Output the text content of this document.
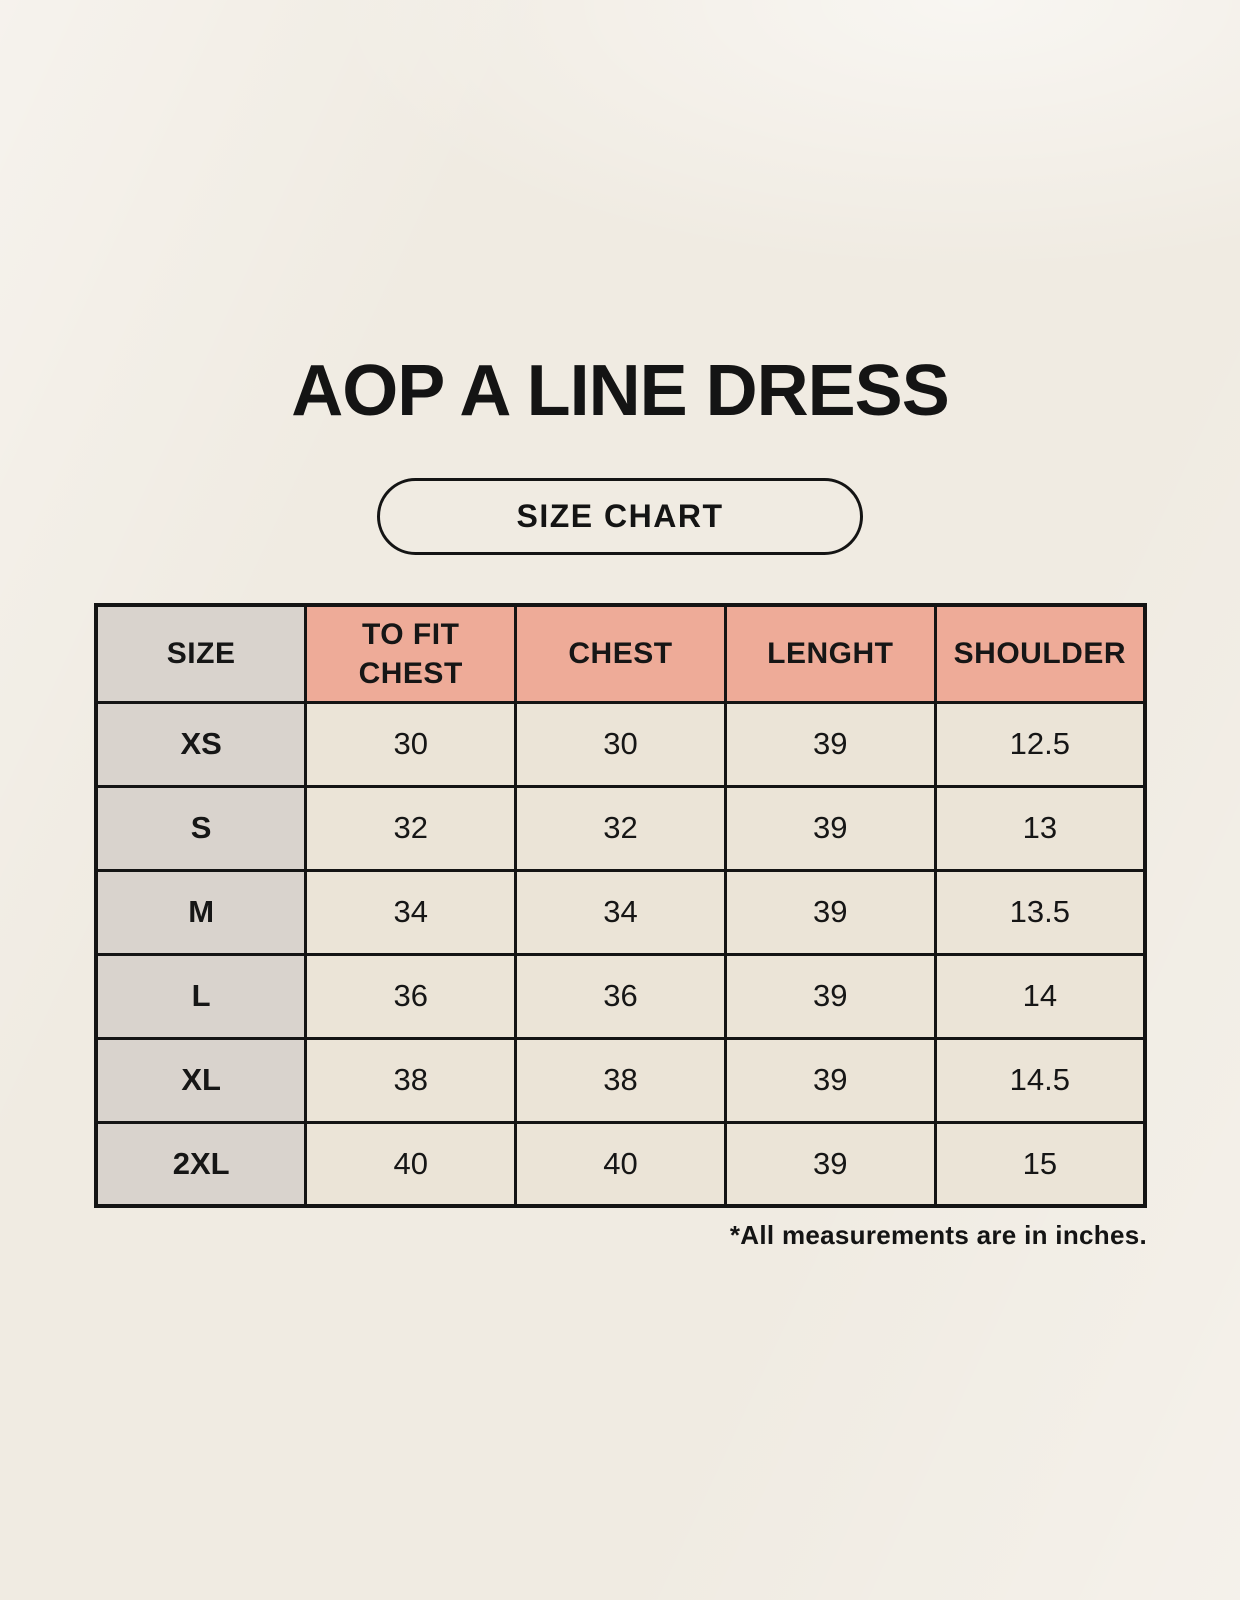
AOP A LINE DRESS
SIZE CHART
SIZE	TO FIT CHEST	CHEST	LENGHT	SHOULDER
XS	30	30	39	12.5
S	32	32	39	13
M	34	34	39	13.5
L	36	36	39	14
XL	38	38	39	14.5
2XL	40	40	39	15
*All measurements are in inches.
